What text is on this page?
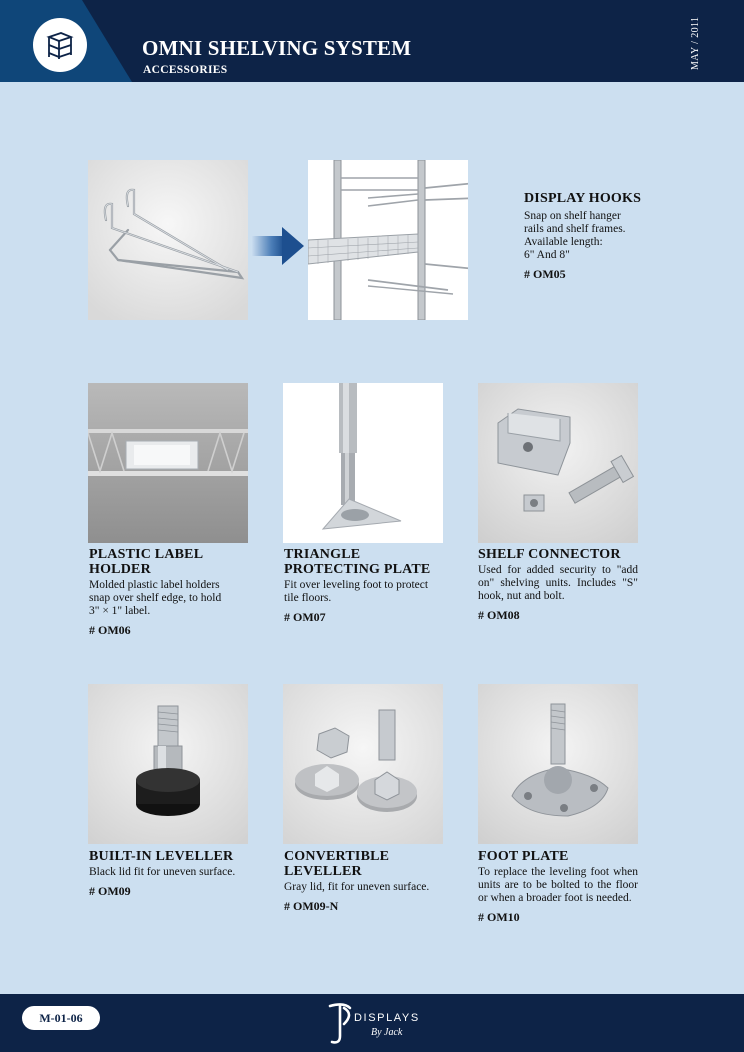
OMNI SHELVING SYSTEM
ACCESSORIES	MAY / 2011
DISPLAY HOOKS
Snap on shelf hanger
rails and shelf frames.
Available length:
6" And 8"
# OM05
PLASTIC LABEL
HOLDER
Molded plastic label holders
snap over shelf edge, to hold
3" × 1" label.
# OM06
TRIANGLE
PROTECTING PLATE
Fit over leveling foot to protect
tile floors.
# OM07
SHELF CONNECTOR
Used for added security to "add on" shelving units. Includes "S" hook, nut and bolt.
# OM08
BUILT-IN LEVELLER
Black lid fit for uneven surface.
# OM09
CONVERTIBLE
LEVELLER
Gray lid, fit for uneven surface.
# OM09-N
FOOT PLATE
To replace the leveling foot when units are to be bolted to the floor or when a broader foot is needed.
# OM10
M-01-06	DISPLAYS
By Jack
